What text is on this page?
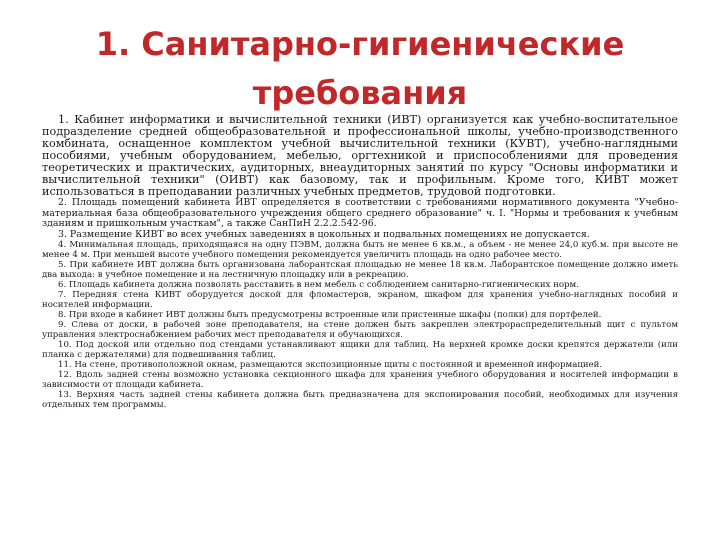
1. Санитарно-гигиенические
требования

1. Кабинет информатики и вычислительной техники (ИВТ) организуется как учебно-воспитательное подразделение средней общеобразовательной и профессиональной школы, учебно-производственного комбината, оснащенное комплектом учебной вычислительной техники (КУВТ), учебно-наглядными пособиями, учебным оборудованием, мебелью, оргтехникой и приспособлениями для проведения теоретических и практических, аудиторных, внеаудиторных занятий по курсу "Основы информатики и вычислительной техники" (ОИВТ) как базовому, так и профильным. Кроме того, КИВТ может использоваться в преподавании различных учебных предметов, трудовой подготовки.

2. Площадь помещений кабинета ИВТ определяется в соответствии с требованиями нормативного документа "Учебно-материальная база общеобразовательного учреждения общего среднего образование" ч. I. "Нормы и требования к учебным зданиям и пришкольным участкам", а также СанПиН 2.2.2.542-96.

3. Размещение КИВТ во всех учебных заведениях в цокольных и подвальных помещениях не допускается.

4. Минимальная площадь, приходящаяся на одну ПЭВМ, должна быть не менее 6 кв.м., а объем - не менее 24,0 куб.м. при высоте не менее 4 м. При меньшей высоте учебного помещения рекомендуется увеличить площадь на одно рабочее место.

5. При кабинете ИВТ должна быть организована лаборантская площадью не менее 18 кв.м. Лаборантское помещение должно иметь два выхода: в учебное помещение и на лестничную площадку или в рекреацию.

6. Площадь кабинета должна позволять расставить в нем мебель с соблюдением санитарно-гигиенических норм.

7. Передняя стена КИВТ оборудуется доской для фломастеров, экраном, шкафом для хранения учебно-наглядных пособий и носителей информации.

8. При входе в кабинет ИВТ должны быть предусмотрены встроенные или пристенные шкафы (полки) для портфелей.

9. Слева от доски, в рабочей зоне преподавателя, на стене должен быть закреплен электрораспределительный щит с пультом управления электроснабжением рабочих мест преподавателя и обучающихся.

10. Под доской или отдельно под стендами устанавливают ящики для таблиц. На верхней кромке доски крепятся держатели (или планка с держателями) для подвешивания таблиц.

11. На стене, противоположной окнам, размещаются экспозиционные щиты с постоянной и временной информацией.

12. Вдоль задней стены возможно установка секционного шкафа для хранения учебного оборудования и носителей информации в зависимости от площади кабинета.

13. Верхняя часть задней стены кабинета должна быть предназначена для экспонирования пособий, необходимых для изучения отдельных тем программы.
